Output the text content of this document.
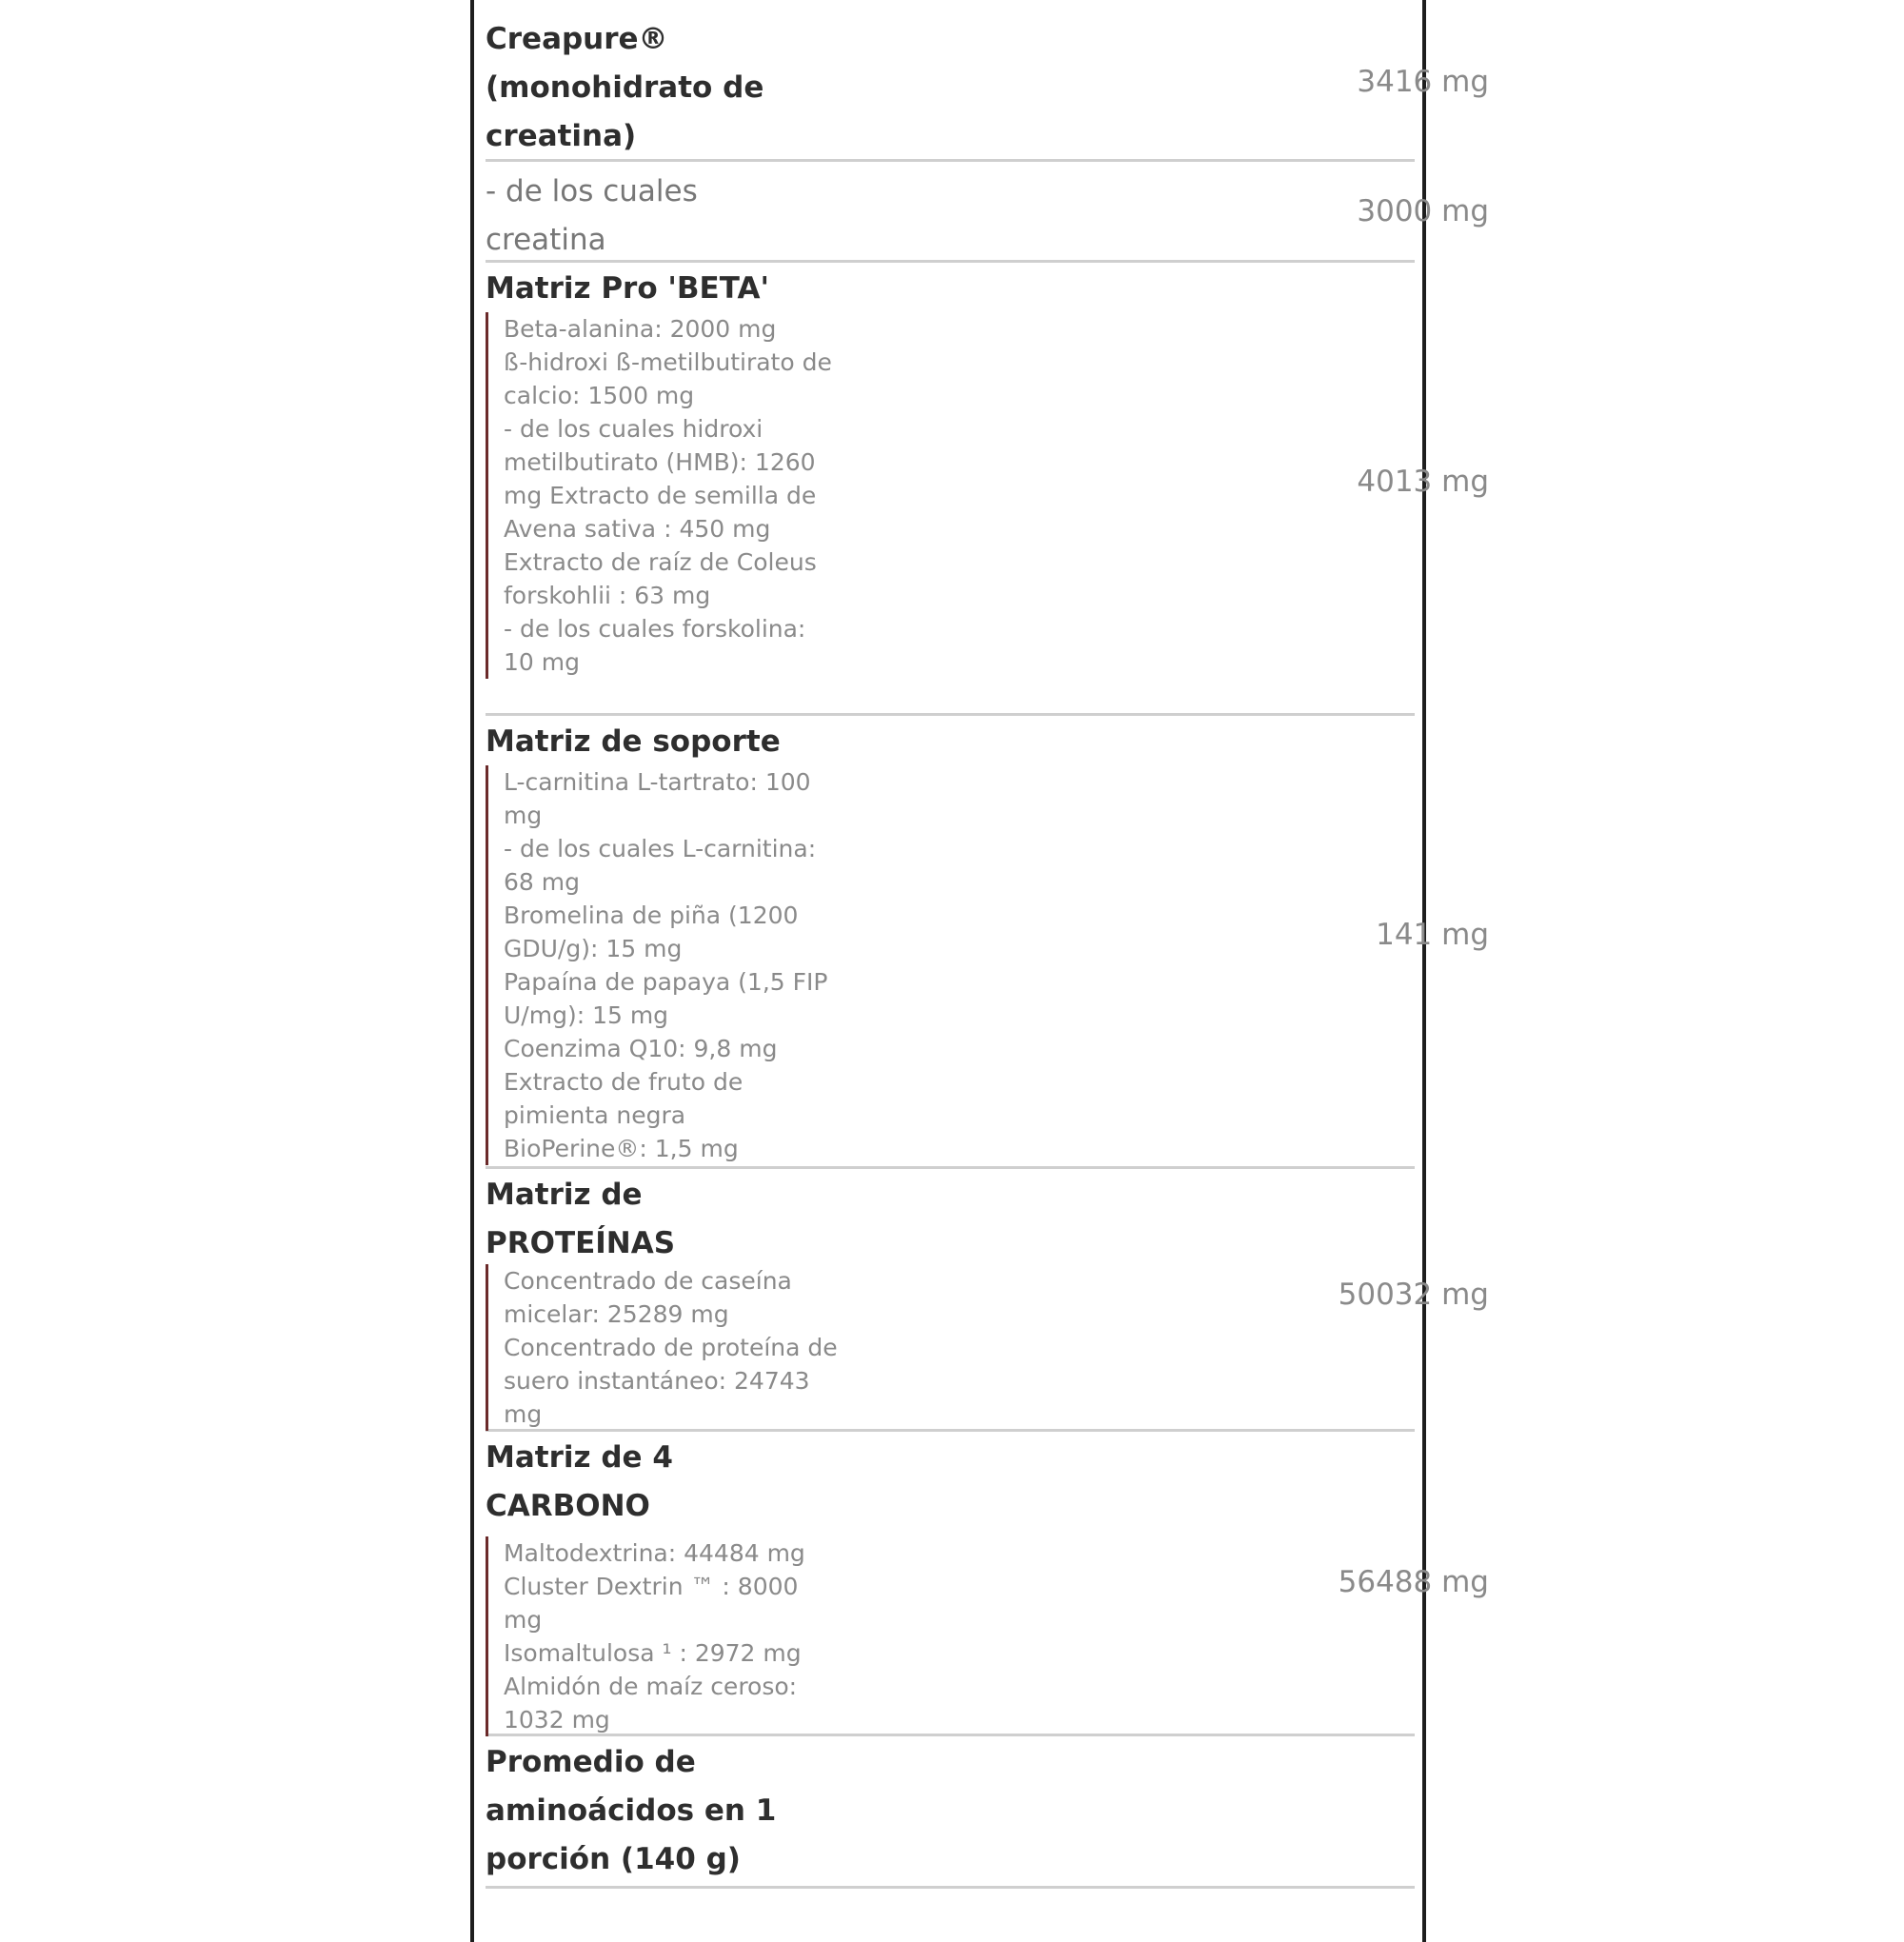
Creapure® (monohidrato de creatina)
3416 mg
- de los cuales creatina
3000 mg
Matriz Pro 'BETA'
Beta-alanina: 2000 mg
ß-hidroxi ß-metilbutirato de calcio: 1500 mg
- de los cuales hidroxi metilbutirato (HMB): 1260 mg Extracto de semilla de Avena sativa : 450 mg
Extracto de raíz de Coleus forskohlii : 63 mg
- de los cuales forskolina: 10 mg
4013 mg
Matriz de soporte
L-carnitina L-tartrato: 100 mg
- de los cuales L-carnitina: 68 mg
Bromelina de piña (1200 GDU/g): 15 mg
Papaína de papaya (1,5 FIP U/mg): 15 mg
Coenzima Q10: 9,8 mg
Extracto de fruto de pimienta negra
BioPerine®: 1,5 mg
141 mg
Matriz de PROTEÍNAS
Concentrado de caseína micelar: 25289 mg
Concentrado de proteína de suero instantáneo: 24743 mg
50032 mg
Matriz de 4 CARBONO
Maltodextrina: 44484 mg
Cluster Dextrin ™ : 8000 mg
Isomaltulosa ¹ : 2972 mg
Almidón de maíz ceroso: 1032 mg
56488 mg
Promedio de aminoácidos en 1 porción (140 g)
